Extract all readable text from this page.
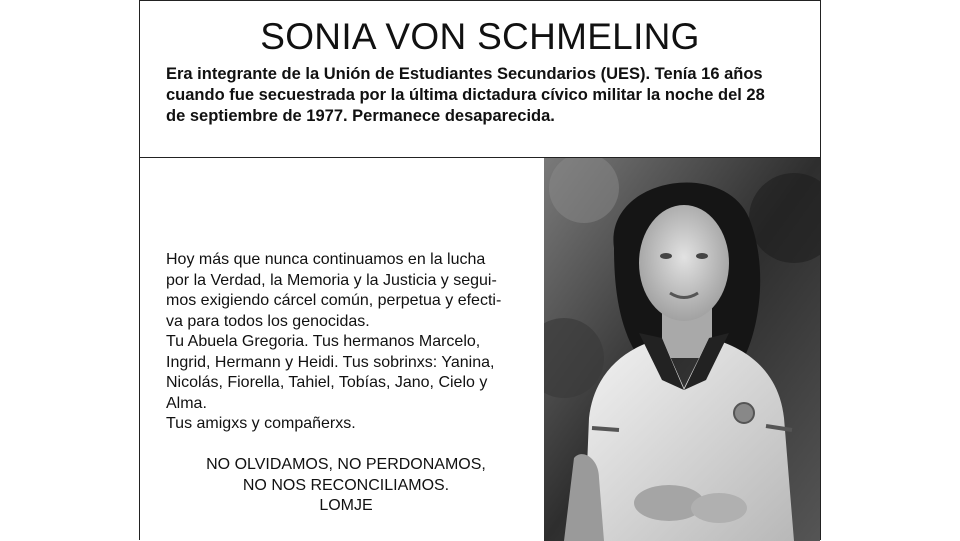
SONIA VON SCHMELING
Era integrante de la Unión de Estudiantes Secundarios (UES). Tenía 16 años
cuando fue secuestrada por la última dictadura cívico militar la noche del 28
de septiembre de 1977. Permanece desaparecida.

Hoy más que nunca continuamos en la lucha

por la Verdad, la Memoria y la Justicia y segui-

mos exigiendo cárcel común, perpetua y efecti-

va para todos los genocidas.

Tu Abuela Gregoria. Tus hermanos Marcelo,

Ingrid, Hermann y Heidi. Tus sobrinxs: Yanina,

Nicolás, Fiorella, Tahiel, Tobías, Jano, Cielo y

Alma.

Tus amigxs y compañerxs.

NO OLVIDAMOS, NO PERDONAMOS,
NO NOS RECONCILIAMOS.
LOMJE
